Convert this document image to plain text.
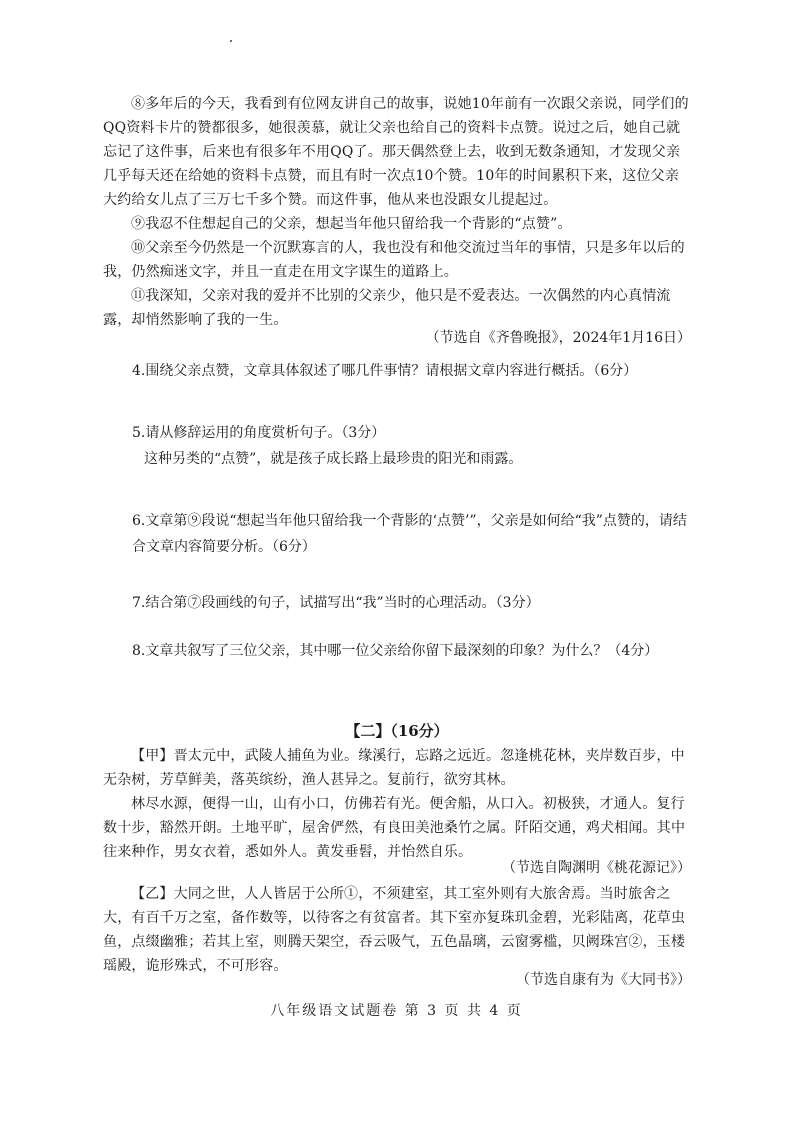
⑧多年后的今天，我看到有位网友讲自己的故事，说她10年前有一次跟父亲说，同学们的QQ资料卡片的赞都很多，她很羡慕，就让父亲也给自己的资料卡点赞。说过之后，她自己就忘记了这件事，后来也有很多年不用QQ了。那天偶然登上去，收到无数条通知，才发现父亲几乎每天还在给她的资料卡点赞，而且有时一次点10个赞。10年的时间累积下来，这位父亲大约给女儿点了三万七千多个赞。而这件事，他从来也没跟女儿提起过。

⑨我忍不住想起自己的父亲，想起当年他只留给我一个背影的“点赞”。

⑩父亲至今仍然是一个沉默寡言的人，我也没有和他交流过当年的事情，只是多年以后的我，仍然痴迷文字，并且一直走在用文字谋生的道路上。

⑪我深知，父亲对我的爱并不比别的父亲少，他只是不爱表达。一次偶然的内心真情流露，却悄然影响了我的一生。

（节选自《齐鲁晚报》，2024年1月16日）

4.围绕父亲点赞，文章具体叙述了哪几件事情？请根据文章内容进行概括。（6分）

5.请从修辞运用的角度赏析句子。（3分）

这种另类的“点赞”，就是孩子成长路上最珍贵的阳光和雨露。

6.文章第⑨段说“想起当年他只留给我一个背影的‘点赞’”，父亲是如何给“我”点赞的，请结合文章内容简要分析。（6分）

7.结合第⑦段画线的句子，试描写出“我”当时的心理活动。（3分）

8.文章共叙写了三位父亲，其中哪一位父亲给你留下最深刻的印象？为什么？（4分）

【二】（16分）

【甲】晋太元中，武陵人捕鱼为业。缘溪行，忘路之远近。忽逢桃花林，夹岸数百步，中无杂树，芳草鲜美，落英缤纷，渔人甚异之。复前行，欲穷其林。

林尽水源，便得一山，山有小口，仿佛若有光。便舍船，从口入。初极狭，才通人。复行数十步，豁然开朗。土地平旷，屋舍俨然，有良田美池桑竹之属。阡陌交通，鸡犬相闻。其中往来种作，男女衣着，悉如外人。黄发垂髫，并怡然自乐。

（节选自陶渊明《桃花源记》）

【乙】大同之世，人人皆居于公所①，不须建室，其工室外则有大旅舍焉。当时旅舍之大，有百千万之室，备作数等，以待客之有贫富者。其下室亦复珠玑金碧，光彩陆离，花草虫鱼，点缀幽雅；若其上室，则腾天架空，吞云吸气，五色晶璃，云窗雾槛，贝阙珠宫②，玉楼瑶殿，诡形殊式，不可形容。

（节选自康有为《大同书》）
八年级语文试题卷 第 3 页 共 4 页
